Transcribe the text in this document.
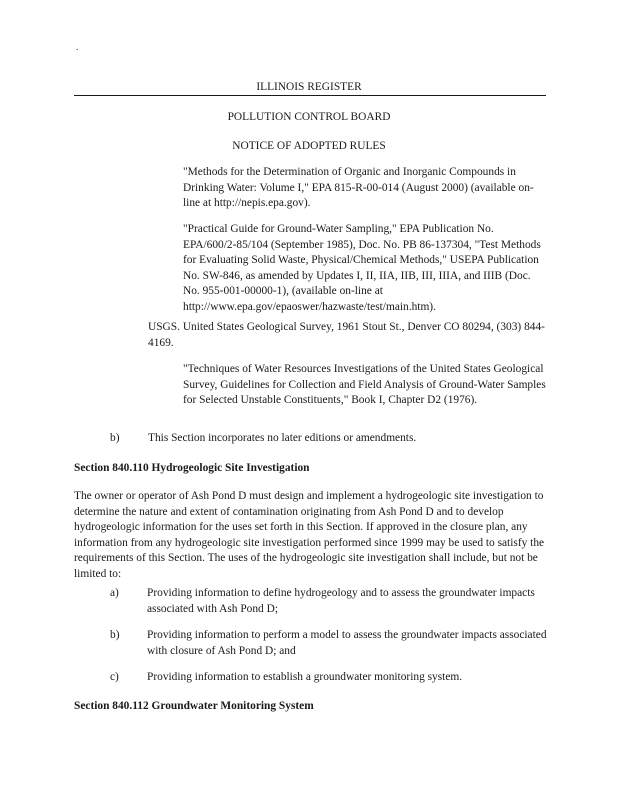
.
ILLINOIS REGISTER
POLLUTION CONTROL BOARD
NOTICE OF ADOPTED RULES

"Methods for the Determination of Organic and Inorganic Compounds in Drinking Water: Volume I," EPA 815-R-00-014 (August 2000) (available on-line at http://nepis.epa.gov).

"Practical Guide for Ground-Water Sampling," EPA Publication No. EPA/600/2-85/104 (September 1985), Doc. No. PB 86-137304, "Test Methods for Evaluating Solid Waste, Physical/Chemical Methods," USEPA Publication No. SW-846, as amended by Updates I, II, IIA, IIB, III, IIIA, and IIIB (Doc. No. 955-001-00000-1), (available on-line at http://www.epa.gov/epaoswer/hazwaste/test/main.htm).

USGS. United States Geological Survey, 1961 Stout St., Denver CO 80294, (303) 844-4169.

"Techniques of Water Resources Investigations of the United States Geological Survey, Guidelines for Collection and Field Analysis of Ground-Water Samples for Selected Unstable Constituents," Book I, Chapter D2 (1976).

b)	This Section incorporates no later editions or amendments.
Section 840.110 Hydrogeologic Site Investigation

The owner or operator of Ash Pond D must design and implement a hydrogeologic site investigation to determine the nature and extent of contamination originating from Ash Pond D and to develop hydrogeologic information for the uses set forth in this Section. If approved in the closure plan, any information from any hydrogeologic site investigation performed since 1999 may be used to satisfy the requirements of this Section. The uses of the hydrogeologic site investigation shall include, but not be limited to:

a) Providing information to define hydrogeology and to assess the groundwater impacts associated with Ash Pond D;

b) Providing information to perform a model to assess the groundwater impacts associated with closure of Ash Pond D; and

c) Providing information to establish a groundwater monitoring system.

Section 840.112 Groundwater Monitoring System
